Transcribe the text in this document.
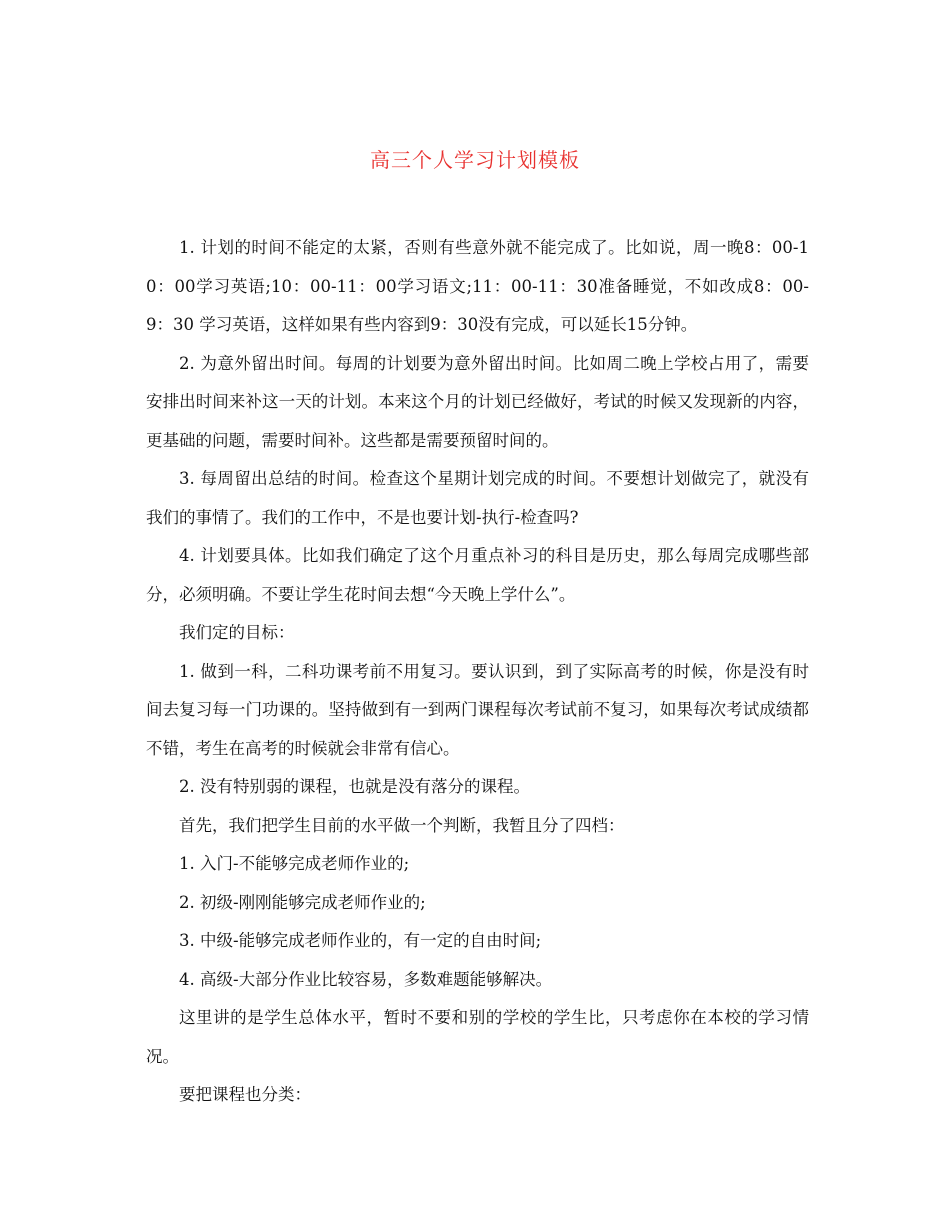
高三个人学习计划模板

1. 计划的时间不能定的太紧，否则有些意外就不能完成了。比如说，周一晚8：00-10：00学习英语;10：00-11：00学习语文;11：00-11：30准备睡觉，不如改成8：00-9：30 学习英语，这样如果有些内容到9：30没有完成，可以延长15分钟。

2. 为意外留出时间。每周的计划要为意外留出时间。比如周二晚上学校占用了，需要安排出时间来补这一天的计划。本来这个月的计划已经做好，考试的时候又发现新的内容，更基础的问题，需要时间补。这些都是需要预留时间的。

3. 每周留出总结的时间。检查这个星期计划完成的时间。不要想计划做完了，就没有我们的事情了。我们的工作中，不是也要计划-执行-检查吗?

4. 计划要具体。比如我们确定了这个月重点补习的科目是历史，那么每周完成哪些部分，必须明确。不要让学生花时间去想“今天晚上学什么”。

我们定的目标：

1. 做到一科，二科功课考前不用复习。要认识到，到了实际高考的时候，你是没有时间去复习每一门功课的。坚持做到有一到两门课程每次考试前不复习，如果每次考试成绩都不错，考生在高考的时候就会非常有信心。

2. 没有特别弱的课程，也就是没有落分的课程。

首先，我们把学生目前的水平做一个判断，我暂且分了四档：

1. 入门-不能够完成老师作业的;

2. 初级-刚刚能够完成老师作业的;

3. 中级-能够完成老师作业的，有一定的自由时间;

4. 高级-大部分作业比较容易，多数难题能够解决。

这里讲的是学生总体水平，暂时不要和别的学校的学生比，只考虑你在本校的学习情况。

要把课程也分类：
